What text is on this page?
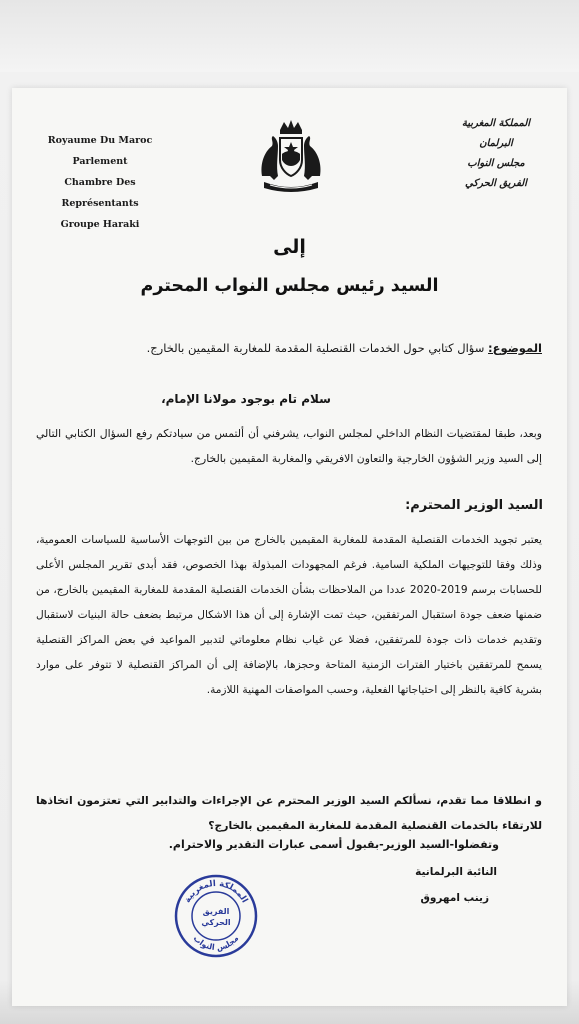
Royaume Du Maroc
Parlement
Chambre Des Représentants
Groupe Haraki
المملكة المغربية
البرلمان
مجلس النواب
الفريق الحركي
إلى
السيد رئيس مجلس النواب المحترم
الموضوع: سؤال كتابي حول الخدمات القنصلية المقدمة للمغاربة المقيمين بالخارج.
سلام تام بوجود مولانا الإمام،
وبعد، طبقا لمقتضيات النظام الداخلي لمجلس النواب، يشرفني أن ألتمس من سيادتكم رفع السؤال الكتابي التالي إلى السيد وزير الشؤون الخارجية والتعاون الافريقي والمغاربة المقيمين بالخارج.
السيد الوزير المحترم:
يعتبر تجويد الخدمات القنصلية المقدمة للمغاربة المقيمين بالخارج من بين التوجهات الأساسية للسياسات العمومية، وذلك وفقا للتوجيهات الملكية السامية. فرغم المجهودات المبذولة بهذا الخصوص، فقد أبدى تقرير المجلس الأعلى للحسابات برسم 2019-2020 عددا من الملاحظات بشأن الخدمات القنصلية المقدمة للمغاربة المقيمين بالخارج، من ضمنها ضعف جودة استقبال المرتفقين، حيث تمت الإشارة إلى أن هذا الاشكال مرتبط بضعف حالة البنيات لاستقبال وتقديم خدمات ذات جودة للمرتفقين، فضلا عن غياب نظام معلوماتي لتدبير المواعيد في بعض المراكز القنصلية يسمح للمرتفقين باختيار الفترات الزمنية المتاحة وحجزها، بالإضافة إلى أن المراكز القنصلية لا تتوفر على موارد بشرية كافية بالنظر إلى احتياجاتها الفعلية، وحسب المواصفات المهنية اللازمة.
و انطلاقا مما تقدم، نسألكم السيد الوزير المحترم عن الإجراءات والتدابير التي تعتزمون اتخاذها للارتقاء بالخدمات القنصلية المقدمة للمغاربة المقيمين بالخارج؟
وتفضلوا-السيد الوزير-بقبول أسمى عبارات التقدير والاحترام.
النائبة البرلمانية
زينب امهروق
المملكة المغربية
الفريق
الحركي
مجلس النواب
